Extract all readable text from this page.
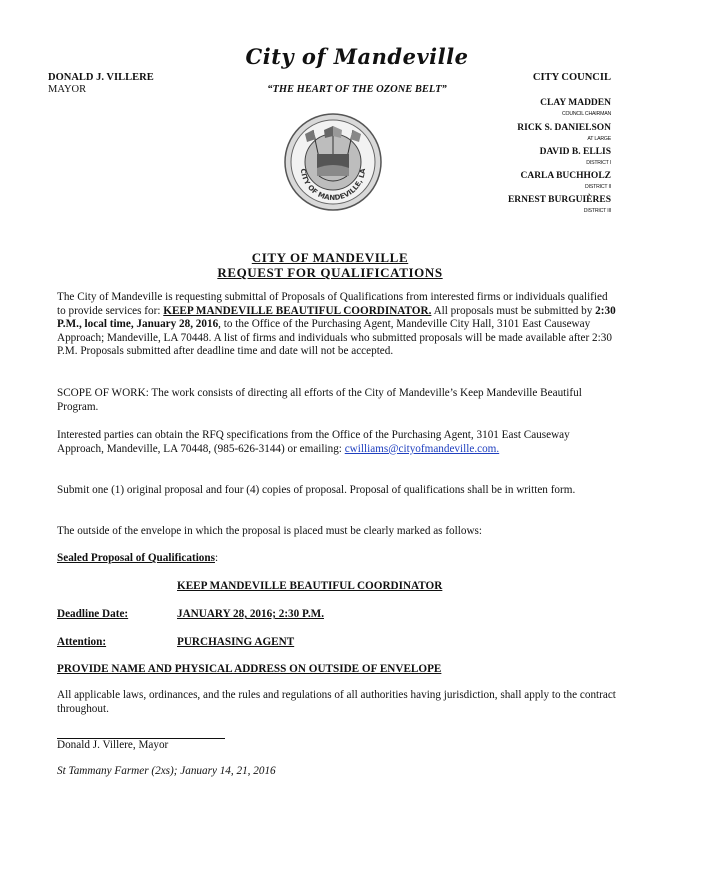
City of Mandeville
DONALD J. VILLERE
MAYOR	“THE HEART OF THE OZONE BELT”
CITY COUNCIL
CLAY MADDEN
COUNCIL CHAIRMAN
RICK S. DANIELSON
AT LARGE
DAVID B. ELLIS
DISTRICT I
CARLA BUCHHOLZ
DISTRICT II
ERNEST BURGUIÈRES
DISTRICT III
CITY OF MANDEVILLE, LA
CITY OF MANDEVILLE
REQUEST FOR QUALIFICATIONS
The City of Mandeville is requesting submittal of Proposals of Qualifications from interested firms or individuals qualified to provide services for: KEEP MANDEVILLE BEAUTIFUL COORDINATOR. All proposals must be submitted by 2:30 P.M., local time, January 28, 2016, to the Office of the Purchasing Agent, Mandeville City Hall, 3101 East Causeway Approach; Mandeville, LA 70448. A list of firms and individuals who submitted proposals will be made available after 2:30 P.M. Proposals submitted after deadline time and date will not be accepted.
SCOPE OF WORK: The work consists of directing all efforts of the City of Mandeville’s Keep Mandeville Beautiful Program.
Interested parties can obtain the RFQ specifications from the Office of the Purchasing Agent, 3101 East Causeway Approach, Mandeville, LA 70448, (985-626-3144) or emailing: cwilliams@cityofmandeville.com.
Submit one (1) original proposal and four (4) copies of proposal. Proposal of qualifications shall be in written form.
The outside of the envelope in which the proposal is placed must be clearly marked as follows:
Sealed Proposal of Qualifications:
KEEP MANDEVILLE BEAUTIFUL COORDINATOR
Deadline Date:	JANUARY 28, 2016; 2:30 P.M.
Attention:	PURCHASING AGENT
PROVIDE NAME AND PHYSICAL ADDRESS ON OUTSIDE OF ENVELOPE
All applicable laws, ordinances, and the rules and regulations of all authorities having jurisdiction, shall apply to the contract throughout.
Donald J. Villere, Mayor
St Tammany Farmer (2xs); January 14, 21, 2016
